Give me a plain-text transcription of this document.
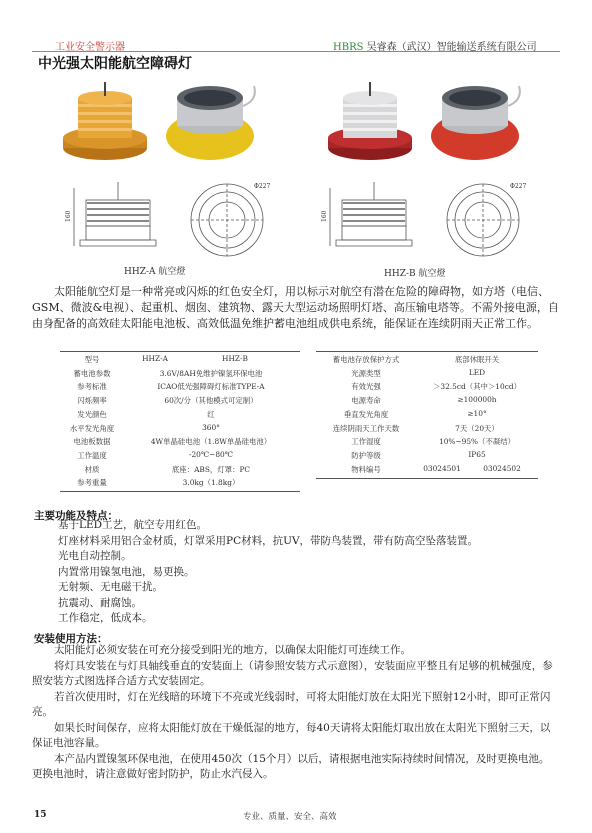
工业安全警示器	HBRS 吴睿森（武汉）智能输送系统有限公司
中光强太阳能航空障碍灯
160
Φ227
160
Φ227
HHZ-A 航空燈	HHZ-B 航空燈

太阳能航空灯是一种常亮或闪烁的红色安全灯，用以标示对航空有潜在危险的障碍物，如方塔（电信、GSM、微波&电视）、起重机、烟囱、建筑物、露天大型运动场照明灯塔、高压输电塔等。不需外接电源，自由身配备的高效硅太阳能电池板、高效低温免维护蓄电池组成供电系统，能保证在连续阴雨天正常工作。

型号	HHZ-A	HHZ-B
蓄电池参数	3.6V/8AH免维护镍氢环保电池
参考标准	ICAO低光强障碍灯标准TYPE-A
闪烁频率	60次/分（其他模式可定制）
发光颜色	红
水平发光角度	360°
电池板数据	4W单晶硅电池（1.8W单晶硅电池）
工作温度	-20℃~80℃
材质	底座：ABS，灯罩：PC
参考重量	3.0kg（1.8kg）
蓄电池存放保护方式	底部休眠开关
光源类型	LED
有效光强	＞32.5cd（其中＞10cd）
电源寿命	≥100000h
垂直发光角度	≥10°
连续阴雨天工作天数	7天（20天）
工作湿度	10%~95%（不凝结）
防护等级	IP65
物料编号	03024501	03024502
主要功能及特点：
基于LED工艺，航空专用红色。
灯座材料采用铝合金材质，灯罩采用PC材料，抗UV，带防鸟装置，带有防高空坠落装置。
光电自动控制。
内置常用镍氢电池，易更换。
无射频、无电磁干扰。
抗震动、耐腐蚀。
工作稳定，低成本。
安装使用方法：

太阳能灯必须安装在可充分接受到阳光的地方，以确保太阳能灯可连续工作。

将灯具安装在与灯具轴线垂直的安装面上（请参照安装方式示意图），安装面应平整且有足够的机械强度，参照安装方式图选择合适方式安装固定。

若首次使用时，灯在光线暗的环境下不亮或光线弱时，可将太阳能灯放在太阳光下照射12小时，即可正常闪亮。

如果长时间保存，应将太阳能灯放在干燥低湿的地方，每40天请将太阳能灯取出放在太阳光下照射三天，以保证电池容量。

本产品内置镍氢环保电池，在使用450次（15个月）以后，请根据电池实际持续时间情况，及时更换电池。更换电池时，请注意做好密封防护，防止水汽侵入。

15	专业、质量、安全、高效
